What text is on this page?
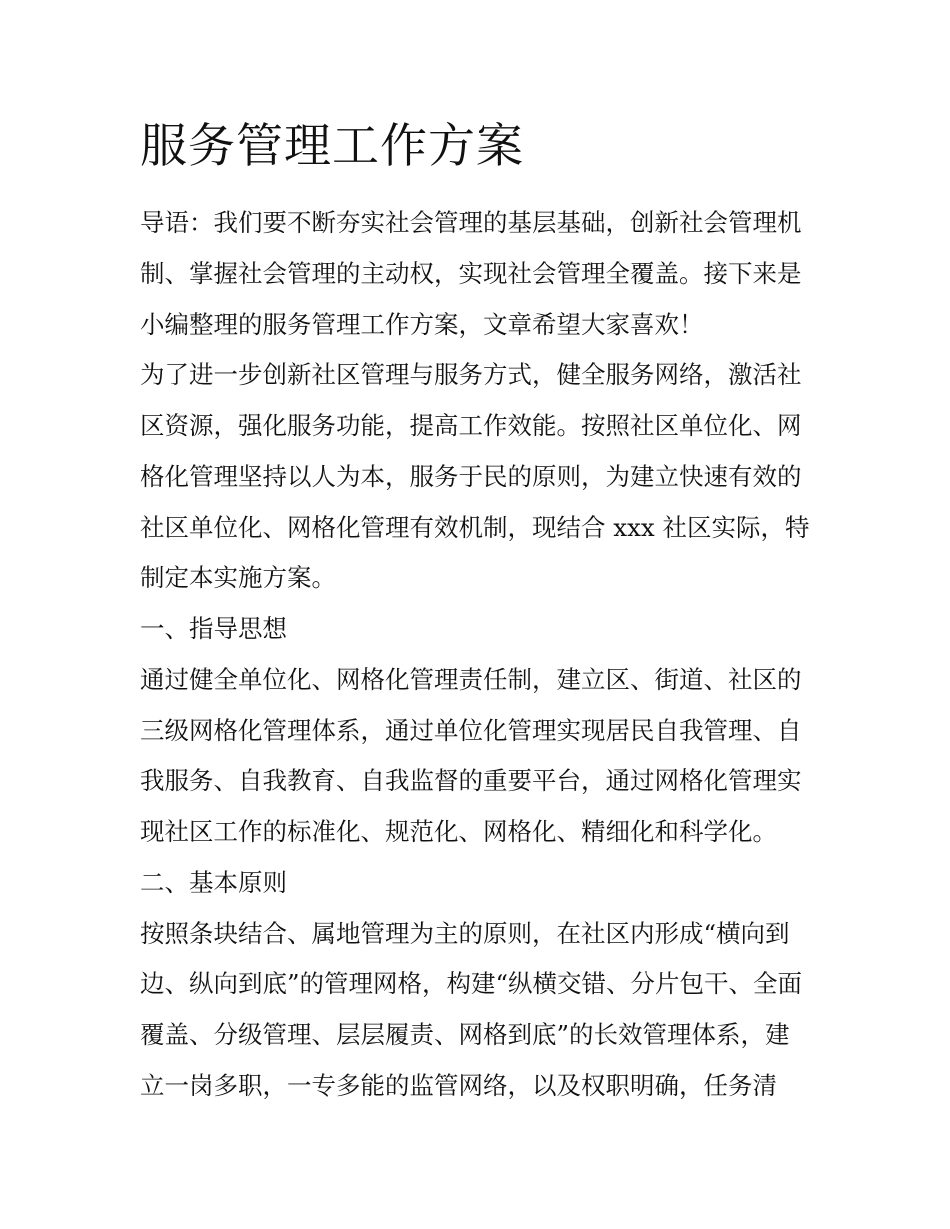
服务管理工作方案

导语：我们要不断夯实社会管理的基层基础，创新社会管理机

制、掌握社会管理的主动权，实现社会管理全覆盖。接下来是

小编整理的服务管理工作方案，文章希望大家喜欢！

为了进一步创新社区管理与服务方式，健全服务网络，激活社

区资源，强化服务功能，提高工作效能。按照社区单位化、网

格化管理坚持以人为本，服务于民的原则，为建立快速有效的

社区单位化、网格化管理有效机制，现结合 xxx 社区实际，特

制定本实施方案。

一、指导思想

通过健全单位化、网格化管理责任制，建立区、街道、社区的

三级网格化管理体系，通过单位化管理实现居民自我管理、自

我服务、自我教育、自我监督的重要平台，通过网格化管理实

现社区工作的标准化、规范化、网格化、精细化和科学化。

二、基本原则

按照条块结合、属地管理为主的原则，在社区内形成“横向到

边、纵向到底”的管理网格，构建“纵横交错、分片包干、全面

覆盖、分级管理、层层履责、网格到底”的长效管理体系，建

立一岗多职，一专多能的监管网络，以及权职明确，任务清
